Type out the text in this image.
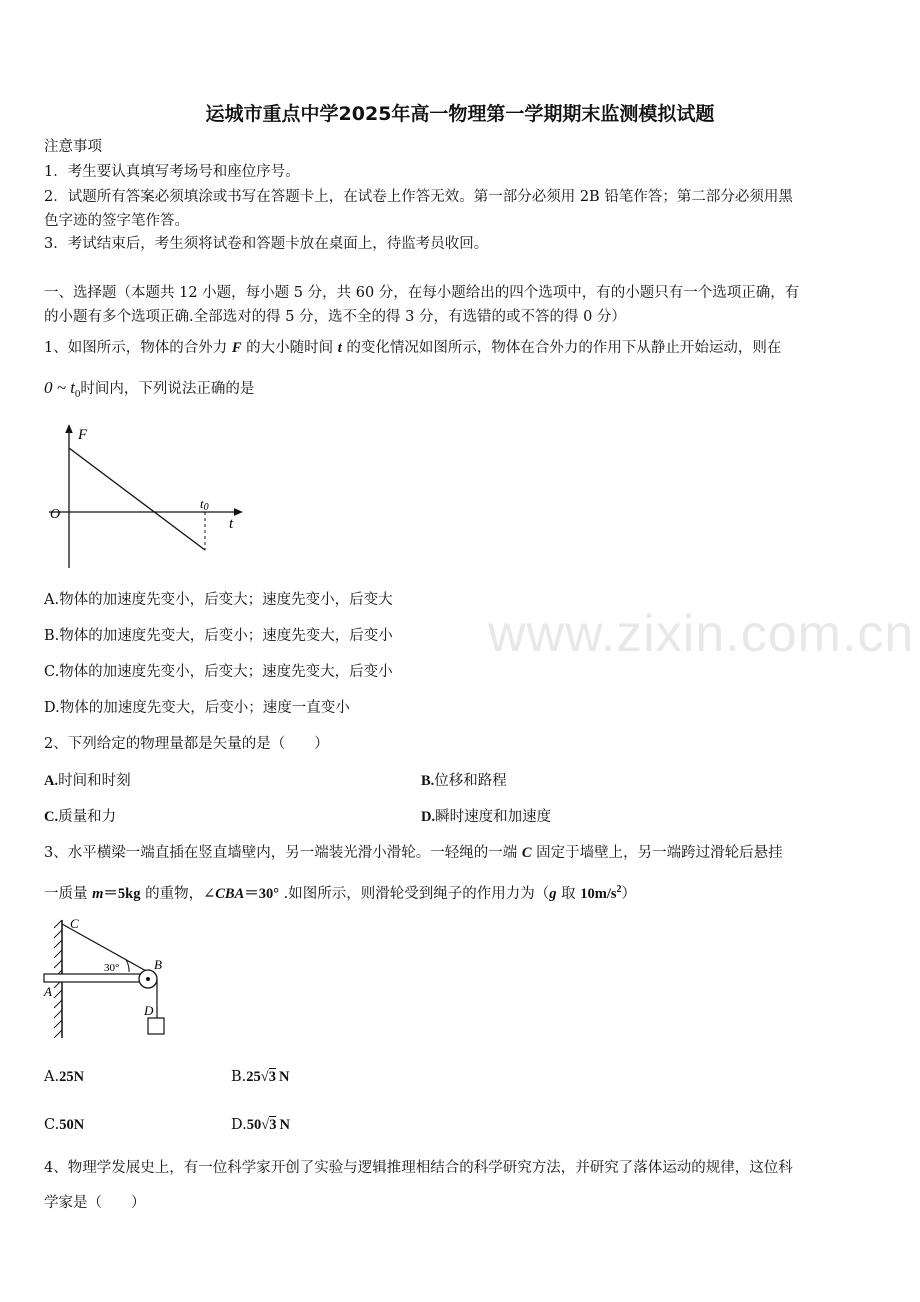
运城市重点中学2025年高一物理第一学期期末监测模拟试题
注意事项
1．考生要认真填写考场号和座位序号。
2．试题所有答案必须填涂或书写在答题卡上，在试卷上作答无效。第一部分必须用 2B 铅笔作答；第二部分必须用黑
色字迹的签字笔作答。
3．考试结束后，考生须将试卷和答题卡放在桌面上，待监考员收回。
一、选择题（本题共 12 小题，每小题 5 分，共 60 分，在每小题给出的四个选项中，有的小题只有一个选项正确，有
的小题有多个选项正确.全部选对的得 5 分，选不全的得 3 分，有选错的或不答的得 0 分）
1、如图所示，物体的合外力 F 的大小随时间 t 的变化情况如图所示，物体在合外力的作用下从静止开始运动，则在
0 ~ $t_0$时间内，下列说法正确的是
F
t
O
t0
A.物体的加速度先变小，后变大；速度先变小，后变大
B.物体的加速度先变大，后变小；速度先变大，后变小
C.物体的加速度先变小，后变大；速度先变大，后变小
D.物体的加速度先变大，后变小；速度一直变小
2、下列给定的物理量都是矢量的是（　　）
A.时间和时刻	B.位移和路程
C.质量和力	D.瞬时速度和加速度
3、水平横梁一端直插在竖直墙壁内，另一端装光滑小滑轮。一轻绳的一端 C 固定于墙壁上，另一端跨过滑轮后悬挂
一质量 m＝5kg 的重物，∠CBA＝30° .如图所示，则滑轮受到绳子的作用力为（g 取 $10m/s^2$）
C
A
B
D
30°
A.25N	B.25√3 N
C.50N	D.50√3 N
4、物理学发展史上，有一位科学家开创了实验与逻辑推理相结合的科学研究方法，并研究了落体运动的规律，这位科
学家是（　　）
www.zixin.com.cn
